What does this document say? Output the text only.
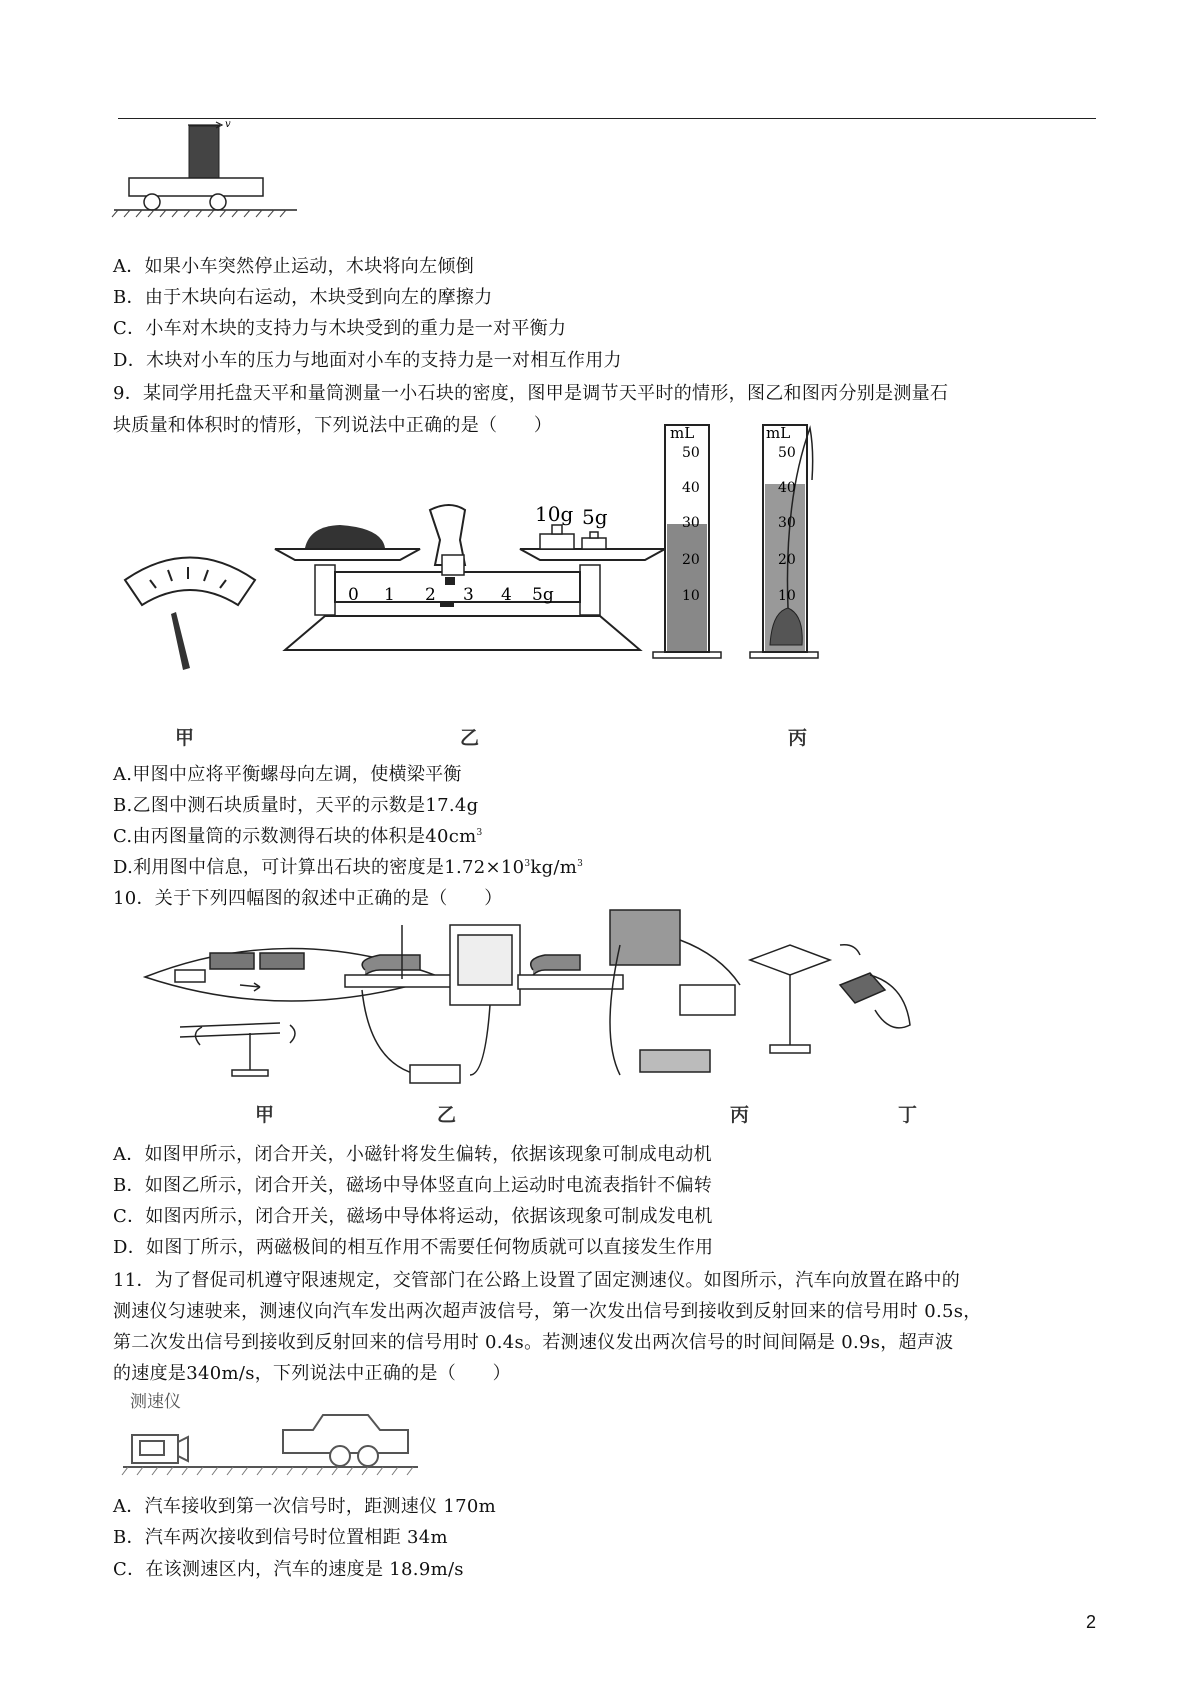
v
A．如果小车突然停止运动，木块将向左倾倒
B．由于木块向右运动，木块受到向左的摩擦力
C．小车对木块的支持力与木块受到的重力是一对平衡力
D．木块对小车的压力与地面对小车的支持力是一对相互作用力
9．某同学用托盘天平和量筒测量一小石块的密度，图甲是调节天平时的情形，图乙和图丙分别是测量石
块质量和体积时的情形，下列说法中正确的是（　　）
10g 5g
0 1 2 3 4 5g
mL
50
40
30
20
10
mL
50
40
30
20
10
甲	乙	丙
A.甲图中应将平衡螺母向左调，使横梁平衡
B.乙图中测石块质量时，天平的示数是17.4g
C.由丙图量筒的示数测得石块的体积是$40cm^3$
D.利用图中信息，可计算出石块的密度是$1.72\times 10^3kg/m^3$
10．关于下列四幅图的叙述中正确的是（　　）
甲	乙	丙	丁
A．如图甲所示，闭合开关，小磁针将发生偏转，依据该现象可制成电动机
B．如图乙所示，闭合开关，磁场中导体竖直向上运动时电流表指针不偏转
C．如图丙所示，闭合开关，磁场中导体将运动，依据该现象可制成发电机
D．如图丁所示，两磁极间的相互作用不需要任何物质就可以直接发生作用
11．为了督促司机遵守限速规定，交管部门在公路上设置了固定测速仪。如图所示，汽车向放置在路中的
测速仪匀速驶来，测速仪向汽车发出两次超声波信号，第一次发出信号到接收到反射回来的信号用时 0.5s，
第二次发出信号到接收到反射回来的信号用时 0.4s。若测速仪发出两次信号的时间间隔是 0.9s，超声波
的速度是340m/s，下列说法中正确的是（　　）
测速仪
A．汽车接收到第一次信号时，距测速仪 170m
B．汽车两次接收到信号时位置相距 34m
C．在该测速区内，汽车的速度是 18.9m/s
2
